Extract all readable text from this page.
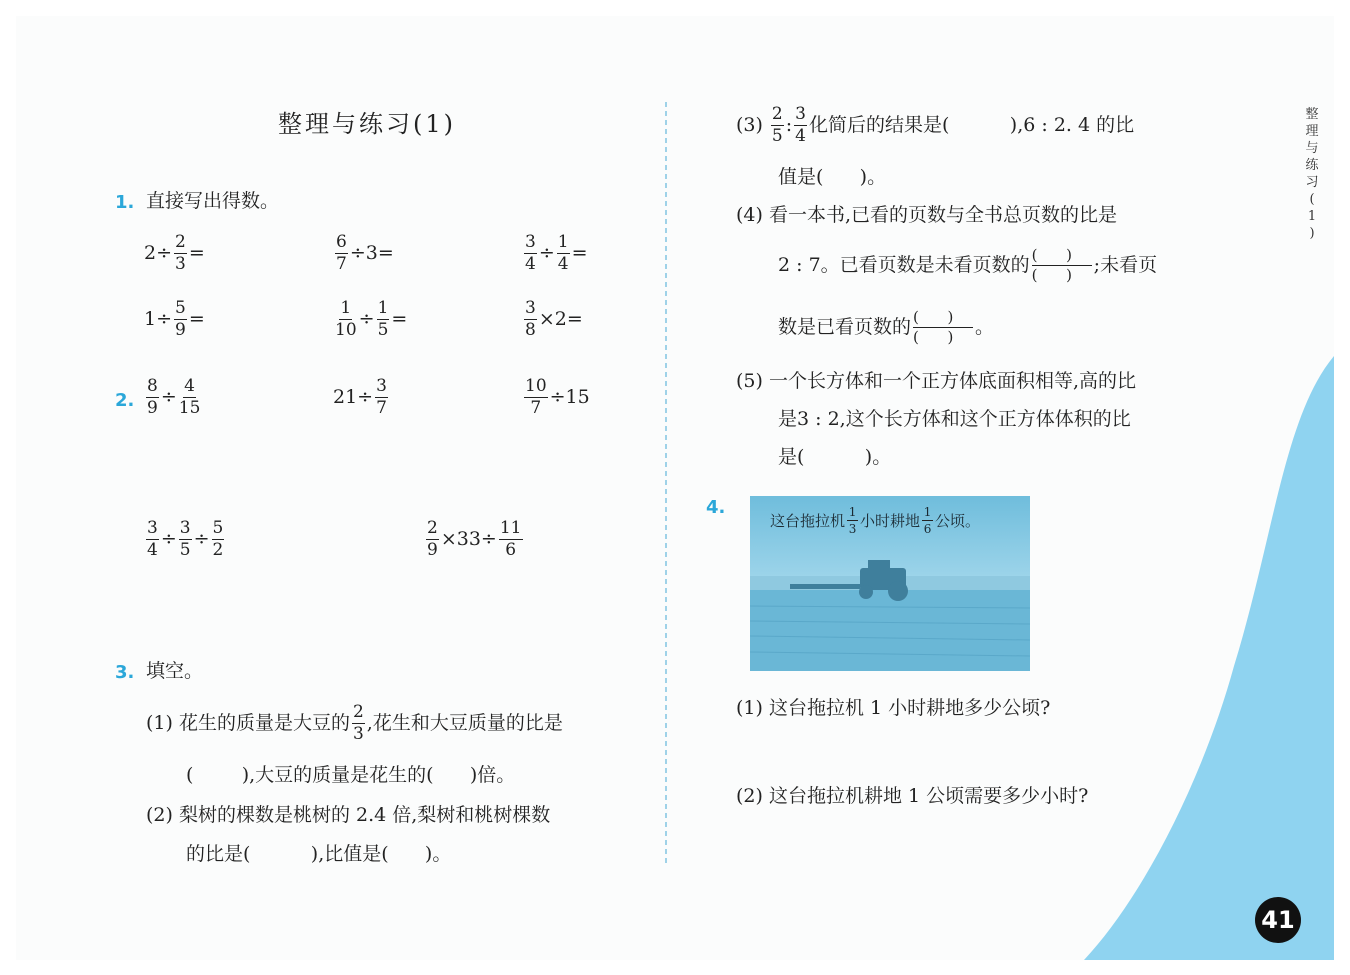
整理与练习(1)
1. 直接写出得数。
$2\div \frac{2}{3}$ =	$\frac{6}{7} \div 3=$	$\frac{3}{4} \div \frac{1}{4}$ =
$1\div \frac{5}{9}$ =	$\frac{1}{10} \div \frac{1}{5}$ =	$\frac{3}{8} \times 2=$
2. $\frac{8}{9} \div \frac{4}{15}$	$21\div \frac{3}{7}$	$\frac{10}{7} \div 15$
$\frac{3}{4} \div \frac{3}{5} \div \frac{5}{2}$	$\frac{2}{9} \times 33\div \frac{11}{6}$
3. 填空。
(1) 花生的质量是大豆的 $\frac{2}{3}$ ,花生和大豆质量的比是
(        ),大豆的质量是花生的(      )倍。
(2) 梨树的棵数是桃树的 2.4 倍,梨树和桃树棵数
的比是(          ),比值是(      )。
$(3) \frac{2}{5}$ : $\frac{3}{4}$ 化简后的结果是(          ),6 : 2. 4 的比
值是(      )。
(4) 看一本书,已看的页数与全书总页数的比是
2 : 7。已看页数是未看页数的 (      )
(      )	;未看页
数是已看页数的 (      )
(      )	。
(5) 一个长方体和一个正方体底面积相等,高的比
是3 : 2,这个长方体和这个正方体体积的比
是(          )。
4.
这台拖拉机 $\frac{1}{3}$ 小时耕地 $\frac{1}{6}$ 公顷。
(1) 这台拖拉机 1 小时耕地多少公顷?
(2) 这台拖拉机耕地 1 公顷需要多少小时?
整
理
与
练
习
(
1
)
41
